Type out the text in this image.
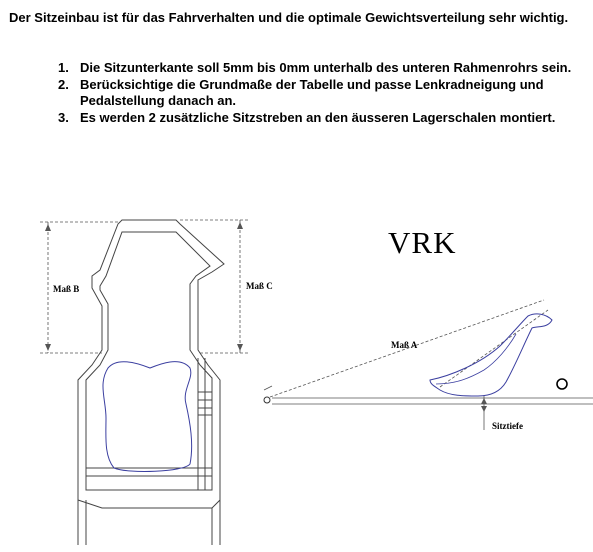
Der Sitzeinbau ist für das Fahrverhalten und die optimale Gewichtsverteilung sehr wichtig.

1. Die Sitzunterkante soll 5mm bis 0mm unterhalb des unteren Rahmenrohrs sein.
2. Berücksichtige die Grundmaße der Tabelle und passe Lenkradneigung und Pedalstellung danach an.
3. Es werden 2 zusätzliche Sitzstreben an den äusseren Lagerschalen montiert.
Maß B	Maß C
Maß A
Sitztiefe
VRK
